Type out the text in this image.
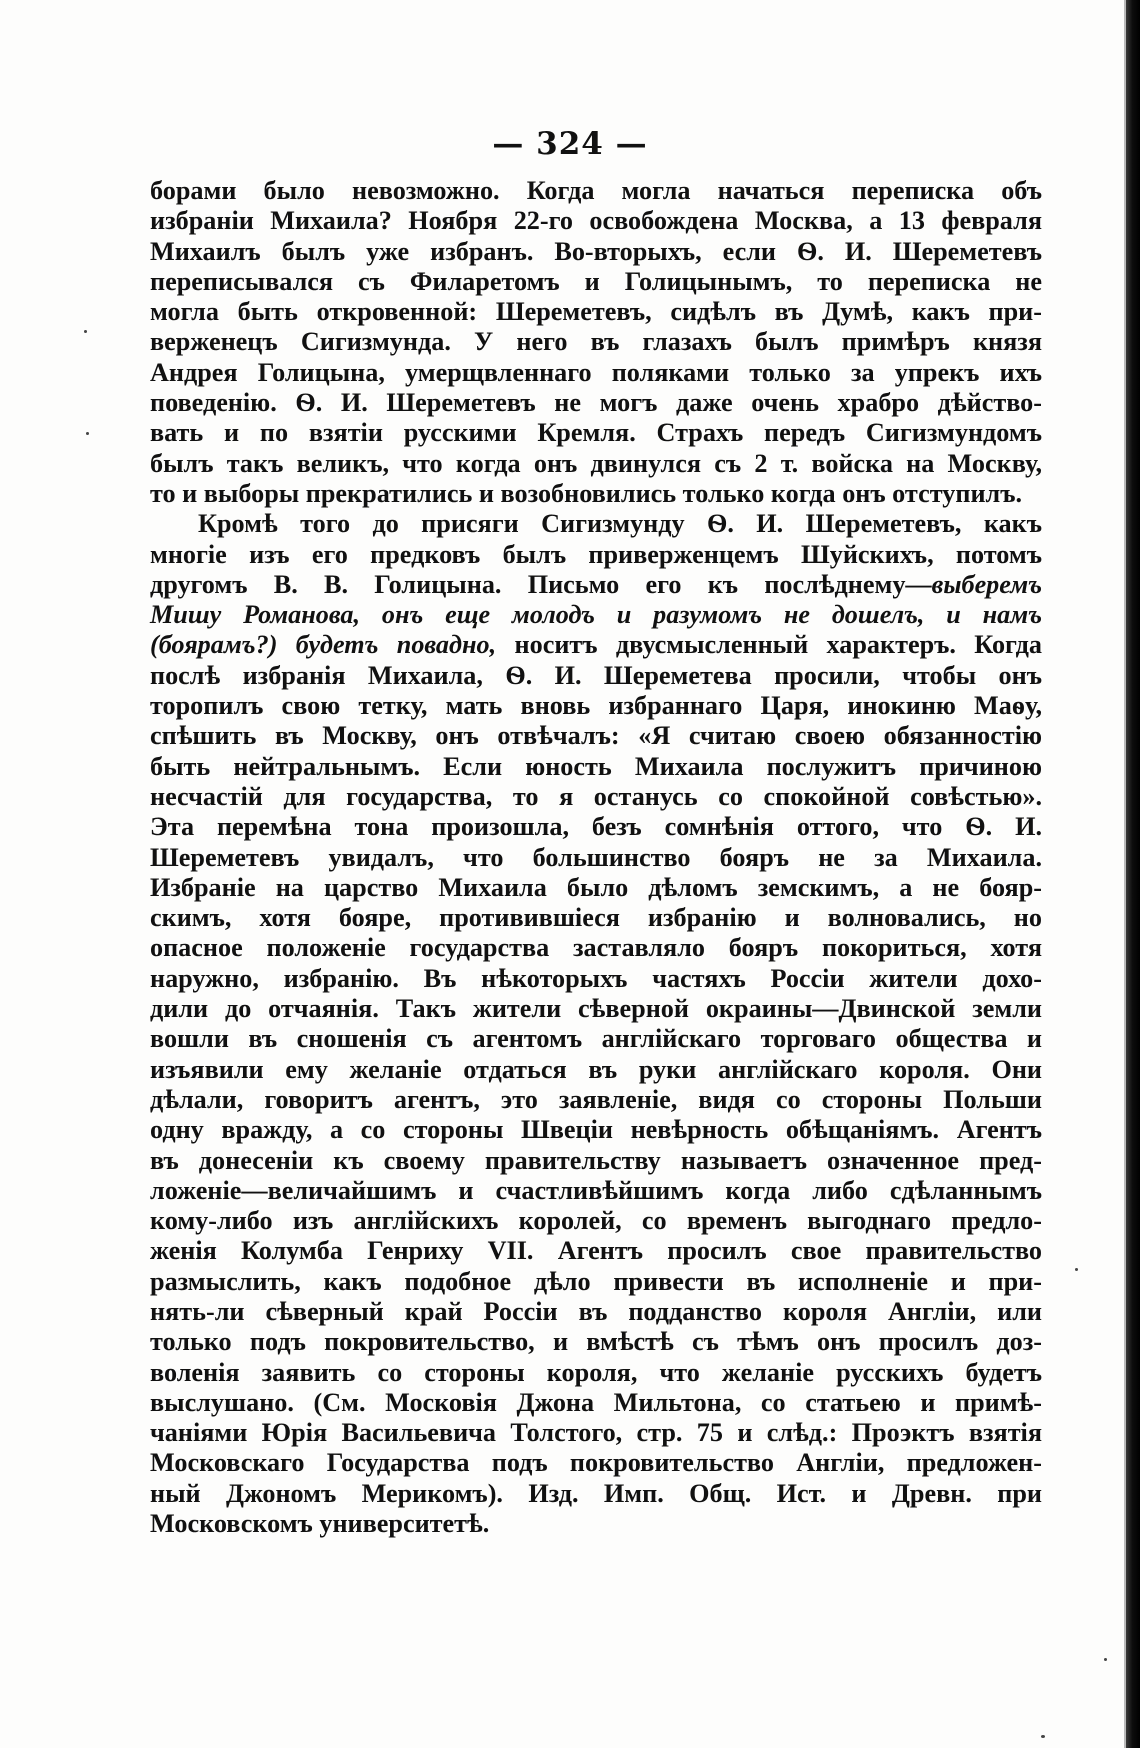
— 324 —
борами было невозможно. Когда могла начаться переписка объ
избраніи Михаила? Ноября 22-го освобождена Москва, а 13 февраля
Михаилъ былъ уже избранъ. Во-вторыхъ, если Ѳ. И. Шереметевъ
переписывался съ Филаретомъ и Голицынымъ, то переписка не
могла быть откровенной: Шереметевъ, сидѣлъ въ Думѣ, какъ при-
верженецъ Сигизмунда. У него въ глазахъ былъ примѣръ князя
Андрея Голицына, умерщвленнаго поляками только за упрекъ ихъ
поведенію. Ѳ. И. Шереметевъ не могъ даже очень храбро дѣйство-
вать и по взятіи русскими Кремля. Страхъ передъ Сигизмундомъ
былъ такъ великъ, что когда онъ двинулся съ 2 т. войска на Москву,
то и выборы прекратились и возобновились только когда онъ отступилъ.
Кромѣ того до присяги Сигизмунду Ѳ. И. Шереметевъ, какъ
многіе изъ его предковъ былъ приверженцемъ Шуйскихъ, потомъ
другомъ В. В. Голицына. Письмо его къ послѣднему—выберемъ
Мишу Романова, онъ еще молодъ и разумомъ не дошелъ, и намъ
(боярамъ?) будетъ повадно, носитъ двусмысленный характеръ. Когда
послѣ избранія Михаила, Ѳ. И. Шереметева просили, чтобы онъ
торопилъ свою тетку, мать вновь избраннаго Царя, инокиню Маѳу,
спѣшить въ Москву, онъ отвѣчалъ: «Я считаю своею обязанностію
быть нейтральнымъ. Если юность Михаила послужитъ причиною
несчастій для государства, то я останусь со спокойной совѣстью».
Эта перемѣна тона произошла, безъ сомнѣнія оттого, что Ѳ. И.
Шереметевъ увидалъ, что большинство бояръ не за Михаила.
Избраніе на царство Михаила было дѣломъ земскимъ, а не бояр-
скимъ, хотя бояре, противившіеся избранію и волновались, но
опасное положеніе государства заставляло бояръ покориться, хотя
наружно, избранію. Въ нѣкоторыхъ частяхъ Россіи жители дохо-
дили до отчаянія. Такъ жители сѣверной окраины—Двинской земли
вошли въ сношенія съ агентомъ англійскаго торговаго общества и
изъявили ему желаніе отдаться въ руки англійскаго короля. Они
дѣлали, говоритъ агентъ, это заявленіе, видя со стороны Польши
одну вражду, а со стороны Швеціи невѣрность обѣщаніямъ. Агентъ
въ донесеніи къ своему правительству называетъ означенное пред-
ложеніе—величайшимъ и счастливѣйшимъ когда либо сдѣланнымъ
кому-либо изъ англійскихъ королей, со временъ выгоднаго предло-
женія Колумба Генриху VII. Агентъ просилъ свое правительство
размыслить, какъ подобное дѣло привести въ исполненіе и при-
нять-ли сѣверный край Россіи въ подданство короля Англіи, или
только подъ покровительство, и вмѣстѣ съ тѣмъ онъ просилъ доз-
воленія заявить со стороны короля, что желаніе русскихъ будетъ
выслушано. (См. Московія Джона Мильтона, со статьею и примѣ-
чаніями Юрія Васильевича Толстого, стр. 75 и слѣд.: Проэктъ взятія
Московскаго Государства подъ покровительство Англіи, предложен-
ный Джономъ Мерикомъ). Изд. Имп. Общ. Ист. и Древн. при
Московскомъ университетѣ.
